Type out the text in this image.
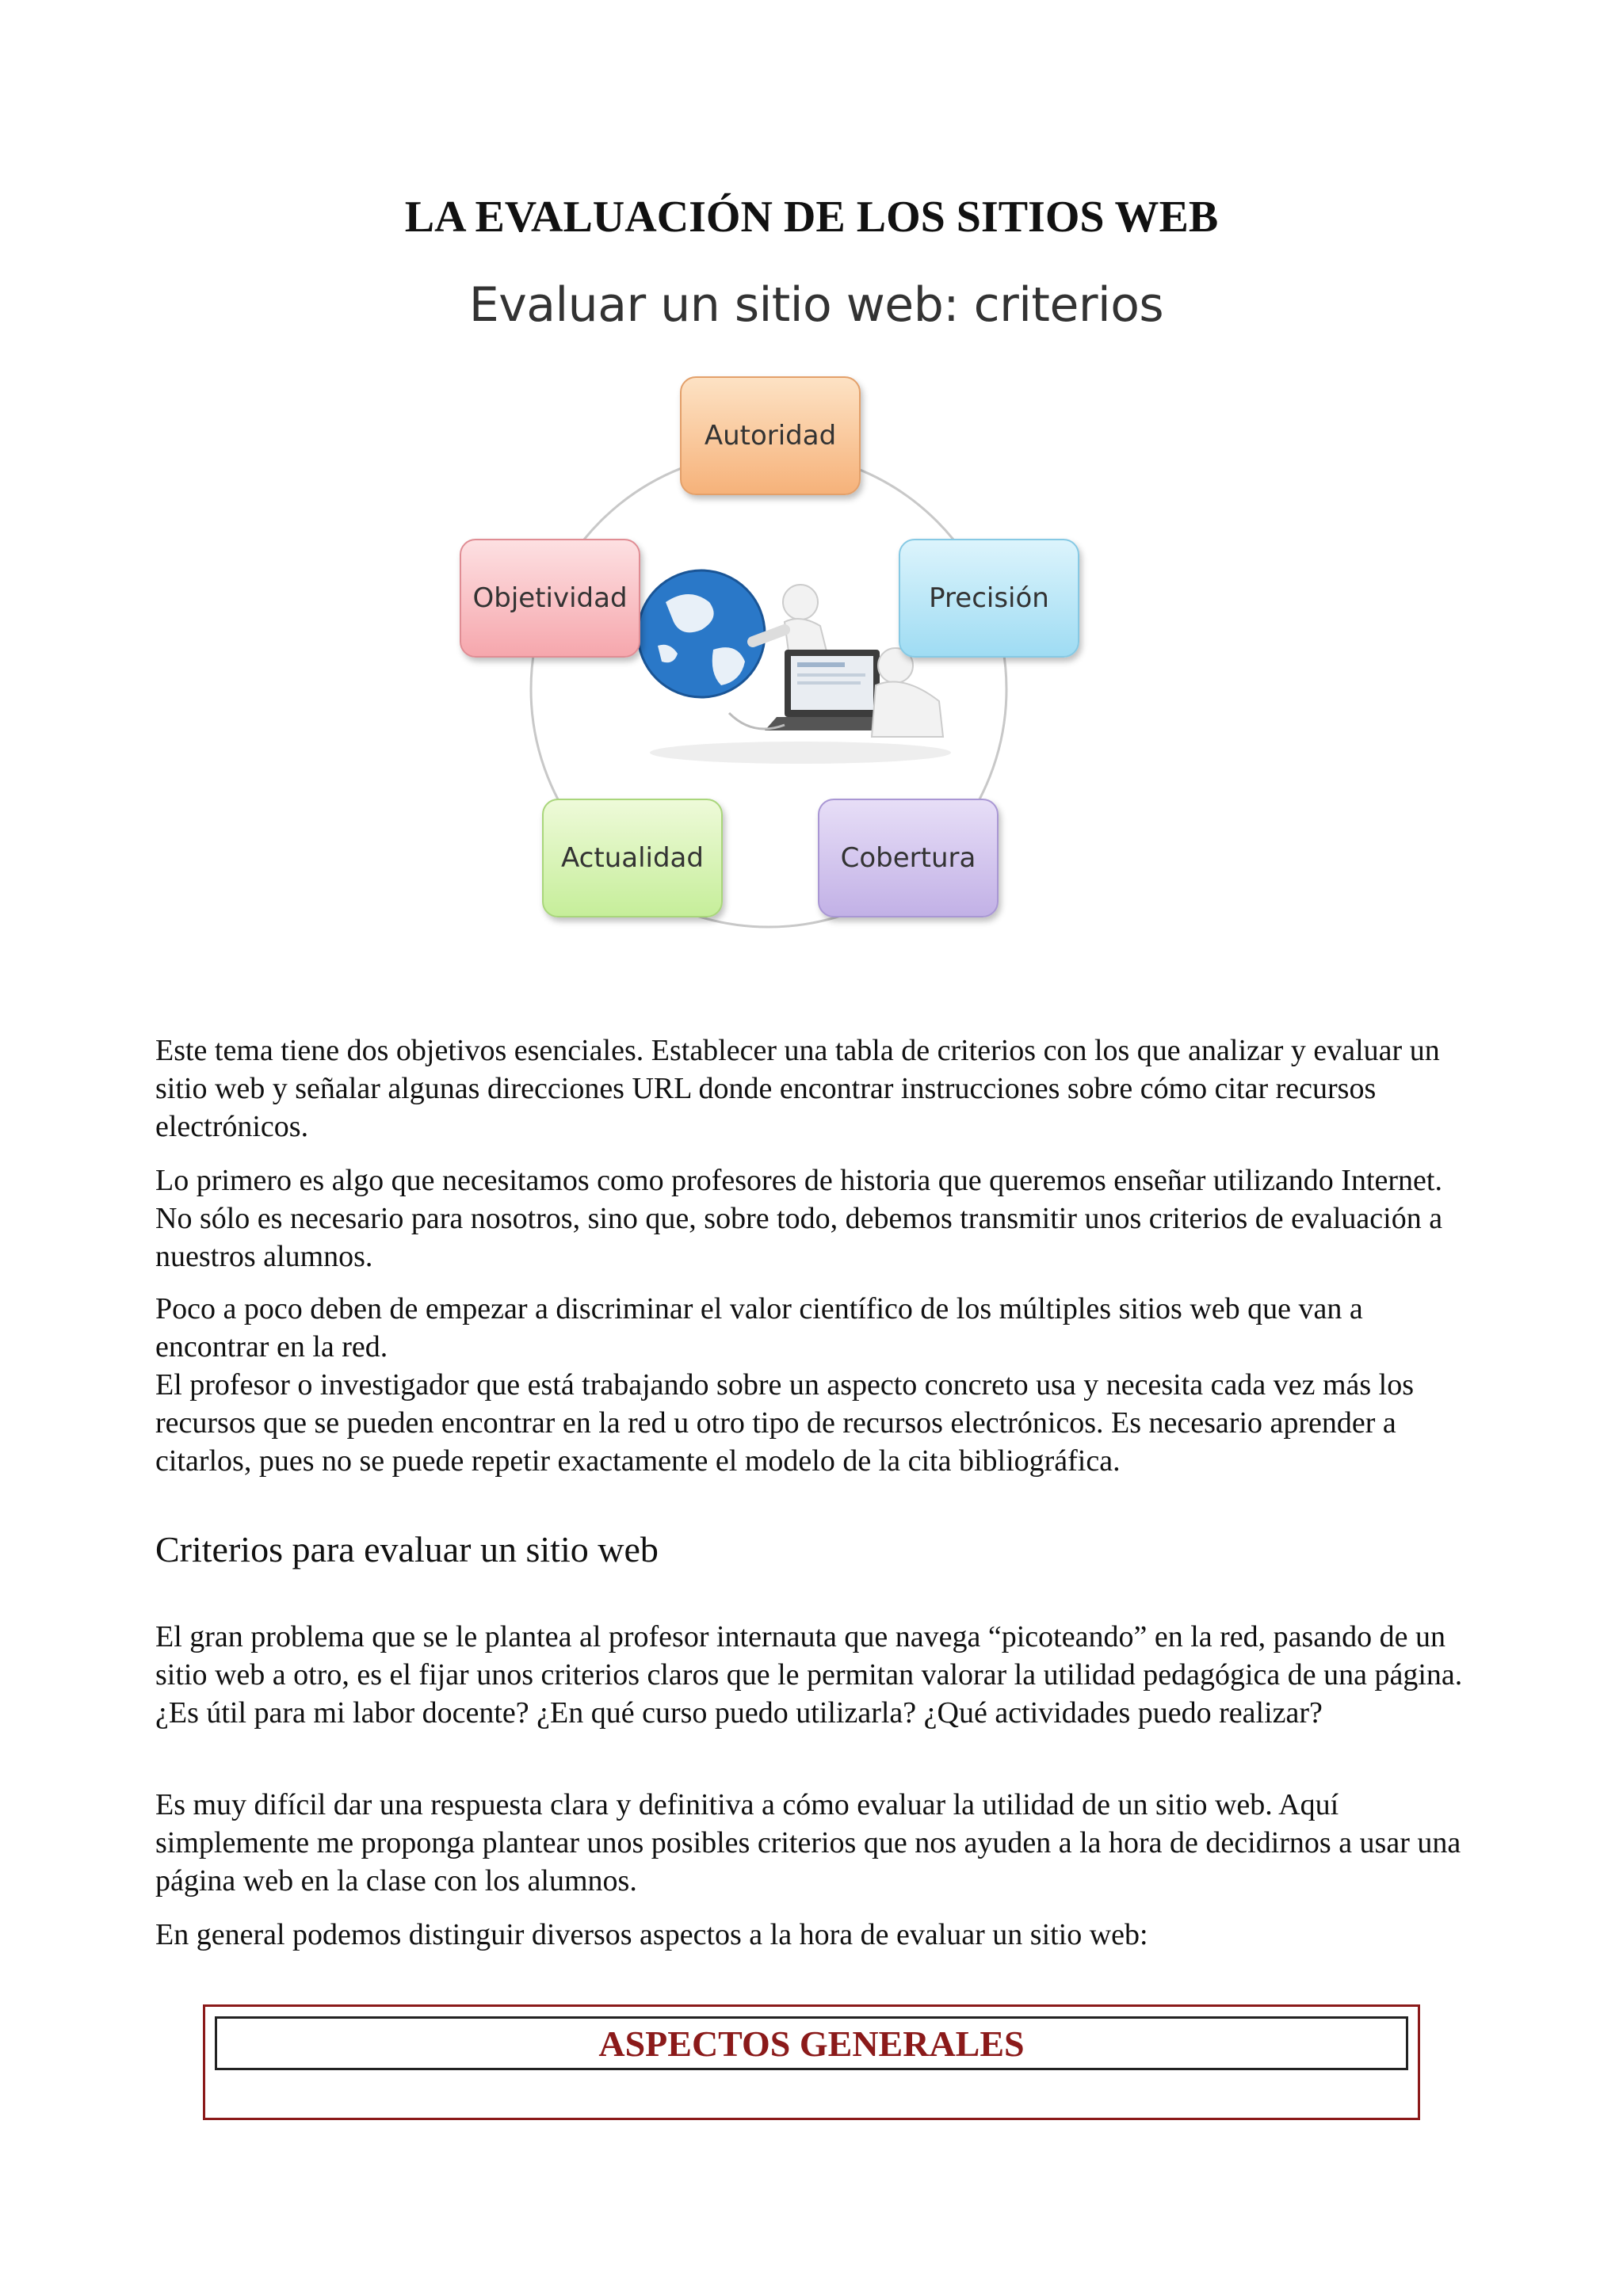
LA EVALUACIÓN DE LOS SITIOS WEB
Evaluar un sitio web: criterios
Autoridad
Precisión
Cobertura
Actualidad
Objetividad

Este tema tiene dos objetivos esenciales. Establecer una tabla de criterios con los que analizar y evaluar un sitio web y señalar algunas direcciones URL donde encontrar instrucciones sobre cómo citar recursos electrónicos.

Lo primero es algo que necesitamos como profesores de historia que queremos enseñar utilizando Internet. No sólo es necesario para nosotros, sino que, sobre todo, debemos transmitir unos criterios de evaluación a nuestros alumnos.

Poco a poco deben de empezar a discriminar el valor científico de los múltiples sitios web que van a encontrar en la red.

El profesor o investigador que está trabajando sobre un aspecto concreto usa y necesita cada vez más los recursos que se pueden encontrar en la red u otro tipo de recursos electrónicos. Es necesario aprender a citarlos, pues no se puede repetir exactamente el modelo de la cita bibliográfica.

Criterios para evaluar un sitio web

El gran problema que se le plantea al profesor internauta que navega “picoteando” en la red, pasando de un sitio web a otro, es el fijar unos criterios claros que le permitan valorar la utilidad pedagógica de una página. ¿Es útil para mi labor docente? ¿En qué curso puedo utilizarla? ¿Qué actividades puedo realizar?

Es muy difícil dar una respuesta clara y definitiva a cómo evaluar la utilidad de un sitio web. Aquí simplemente me proponga plantear unos posibles criterios que nos ayuden a la hora de decidirnos a usar una página web en la clase con los alumnos.

En general podemos distinguir diversos aspectos a la hora de evaluar un sitio web:

ASPECTOS GENERALES
